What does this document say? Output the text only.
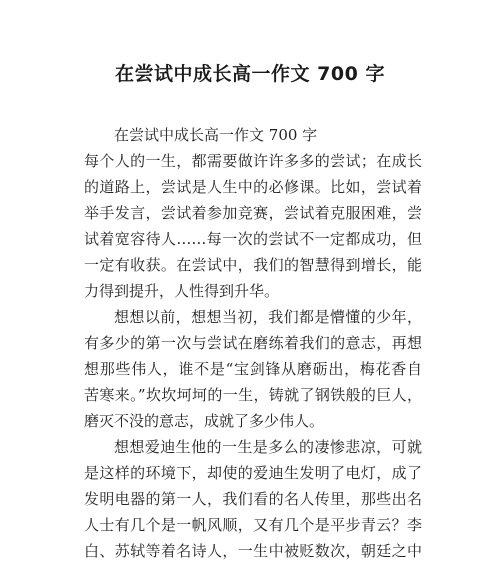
在尝试中成长高一作文 700 字
在尝试中成长高一作文 700 字
每个人的一生，都需要做许许多多的尝试；在成长
的道路上，尝试是人生中的必修课。比如，尝试着
举手发言，尝试着参加竞赛，尝试着克服困难，尝
试着宽容待人……每一次的尝试不一定都成功，但
一定有收获。在尝试中，我们的智慧得到增长，能
力得到提升，人性得到升华。
想想以前，想想当初，我们都是懵懂的少年，
有多少的第一次与尝试在磨练着我们的意志，再想
想那些伟人，谁不是“宝剑锋从磨砺出，梅花香自
苦寒来。”坎坎坷坷的一生，铸就了钢铁般的巨人，
磨灭不没的意志，成就了多少伟人。
想想爱迪生他的一生是多么的凄惨悲凉，可就
是这样的环境下，却使的爱迪生发明了电灯，成了
发明电器的第一人，我们看的名人传里，那些出名
人士有几个是一帆风顺，又有几个是平步青云？李
白、苏轼等着名诗人，一生中被贬数次，朝廷之中
